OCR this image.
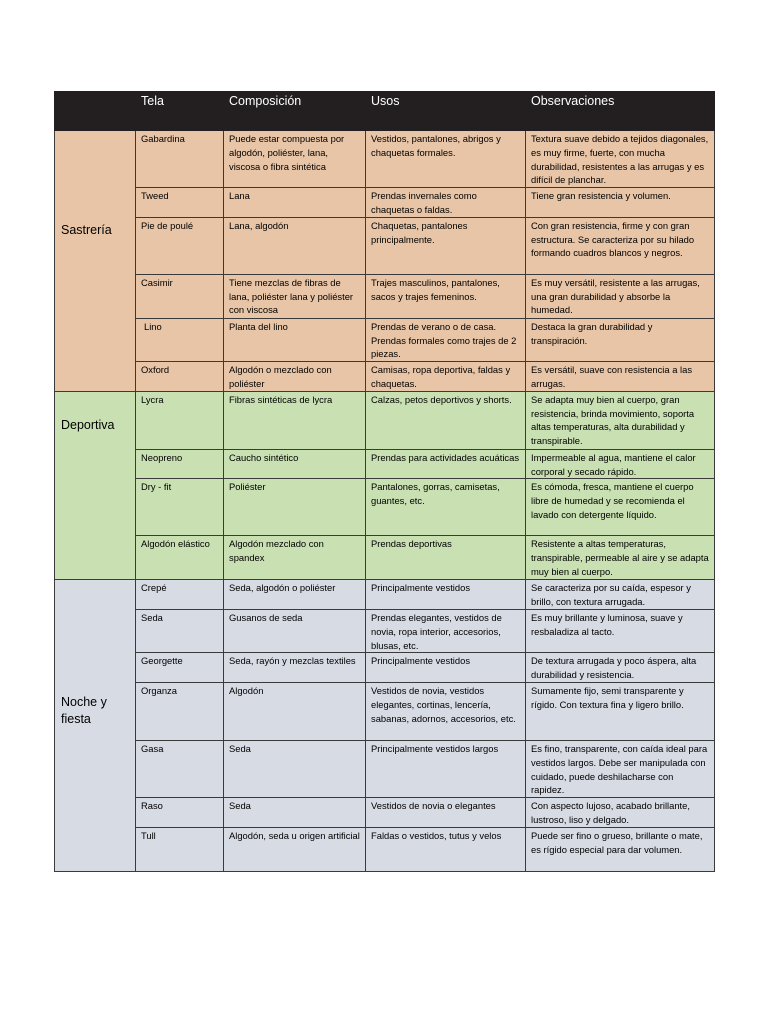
	Tela	Composición	Usos	Observaciones
Sastrería	Gabardina	Puede estar compuesta por algodón, poliéster, lana, viscosa o fibra sintética	Vestidos, pantalones, abrigos y chaquetas formales.	Textura suave debido a tejidos diagonales, es muy firme, fuerte, con mucha durabilidad, resistentes a las arrugas y es difícil de planchar.
	Tweed	Lana	Prendas invernales como chaquetas o faldas.	Tiene gran resistencia y volumen.
	Pie de poulé	Lana, algodón	Chaquetas, pantalones principalmente.	Con gran resistencia, firme y con gran estructura. Se caracteriza por su hilado formando cuadros blancos y negros.
	Casimir	Tiene mezclas de fibras de lana, poliéster lana y poliéster con viscosa	Trajes masculinos, pantalones, sacos y trajes femeninos.	Es muy versátil, resistente a las arrugas, una gran durabilidad y absorbe la humedad.
	Lino	Planta del lino	Prendas de verano o de casa. Prendas formales como trajes de 2 piezas.	Destaca la gran durabilidad y transpiración.
	Oxford	Algodón o mezclado con poliéster	Camisas, ropa deportiva, faldas y chaquetas.	Es versátil, suave con resistencia a las arrugas.
Deportiva	Lycra	Fibras sintéticas de lycra	Calzas, petos deportivos y shorts.	Se adapta muy bien al cuerpo, gran resistencia, brinda movimiento, soporta altas temperaturas, alta durabilidad y transpirable.
	Neopreno	Caucho sintético	Prendas para actividades acuáticas	Impermeable al agua, mantiene el calor corporal y secado rápido.
	Dry - fit	Poliéster	Pantalones, gorras, camisetas, guantes, etc.	Es cómoda, fresca, mantiene el cuerpo libre de humedad y se recomienda el lavado con detergente líquido.
	Algodón elástico	Algodón mezclado con spandex	Prendas deportivas	Resistente a altas temperaturas, transpirable, permeable al aire y se adapta muy bien al cuerpo.
Noche y fiesta	Crepé	Seda, algodón o poliéster	Principalmente vestidos	Se caracteriza por su caída, espesor y brillo, con textura arrugada.
	Seda	Gusanos de seda	Prendas elegantes, vestidos de novia, ropa interior, accesorios, blusas, etc.	Es muy brillante y luminosa, suave y resbaladiza al tacto.
	Georgette	Seda, rayón y mezclas textiles	Principalmente vestidos	De textura arrugada y poco áspera, alta durabilidad y resistencia.
	Organza	Algodón	Vestidos de novia, vestidos elegantes, cortinas, lencería, sabanas, adornos, accesorios, etc.	Sumamente fijo, semi transparente y rígido. Con textura fina y ligero brillo.
	Gasa	Seda	Principalmente vestidos largos	Es fino, transparente, con caída ideal para vestidos largos. Debe ser manipulada con cuidado, puede deshilacharse con rapidez.
	Raso	Seda	Vestidos de novia o elegantes	Con aspecto lujoso, acabado brillante, lustroso, liso y delgado.
	Tull	Algodón, seda u origen artificial	Faldas o vestidos, tutus y velos	Puede ser fino o grueso, brillante o mate, es rígido especial para dar volumen.
